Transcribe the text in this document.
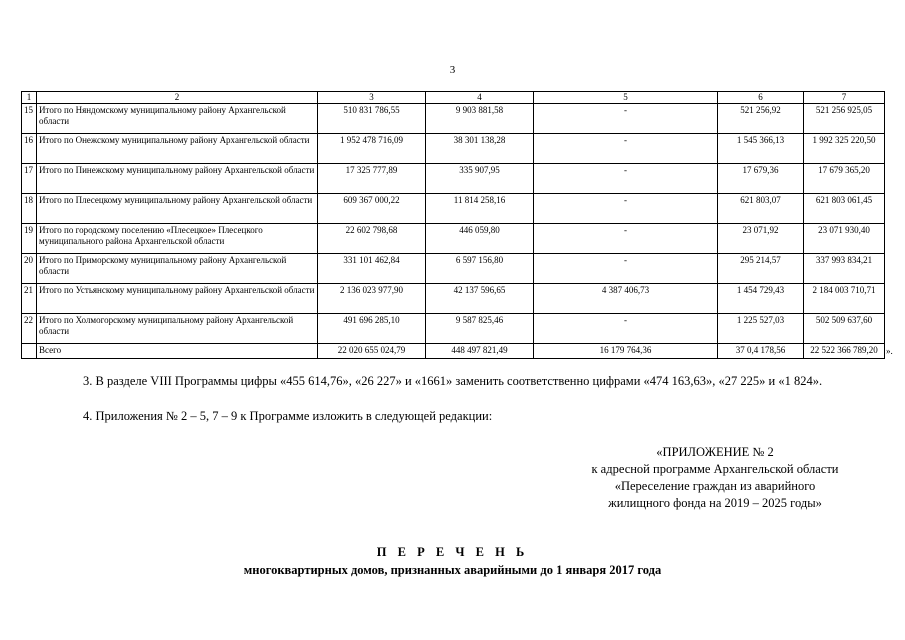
3
1	2	3	4	5	6	7
15	Итого по Няндомскому муниципальному району Архангельской области	510 831 786,55	9 903 881,58	-	521 256,92	521 256 925,05
16	Итого по Онежскому муниципальному району Архангельской области	1 952 478 716,09	38 301 138,28	-	1 545 366,13	1 992 325 220,50
17	Итого по Пинежскому муниципальному району Архангельской области	17 325 777,89	335 907,95	-	17 679,36	17 679 365,20
18	Итого по Плесецкому муниципальному району Архангельской области	609 367 000,22	11 814 258,16	-	621 803,07	621 803 061,45
19	Итого по городскому поселению «Плесецкое» Плесецкого муниципального района Архангельской области	22 602 798,68	446 059,80	-	23 071,92	23 071 930,40
20	Итого по Приморскому муниципальному району Архангельской области	331 101 462,84	6 597 156,80	-	295 214,57	337 993 834,21
21	Итого по Устьянскому муниципальному району Архангельской области	2 136 023 977,90	42 137 596,65	4 387 406,73	1 454 729,43	2 184 003 710,71
22	Итого по Холмогорскому муниципальному району Архангельской области	491 696 285,10	9 587 825,46	-	1 225 527,03	502 509 637,60
	Всего	22 020 655 024,79	448 497 821,49	16 179 764,36	37 0,4 178,56	22 522 366 789,20 ».
3. В разделе VIII Программы цифры «455 614,76», «26 227» и «1661» заменить соответственно цифрами «474 163,63», «27 225» и «1 824».
4. Приложения № 2 – 5, 7 – 9 к Программе изложить в следующей редакции:
«ПРИЛОЖЕНИЕ № 2
к адресной программе Архангельской области
«Переселение граждан из аварийного
жилищного фонда на 2019 – 2025 годы»
П Е Р Е Ч Е Н Ь
многоквартирных домов, признанных аварийными до 1 января 2017 года
